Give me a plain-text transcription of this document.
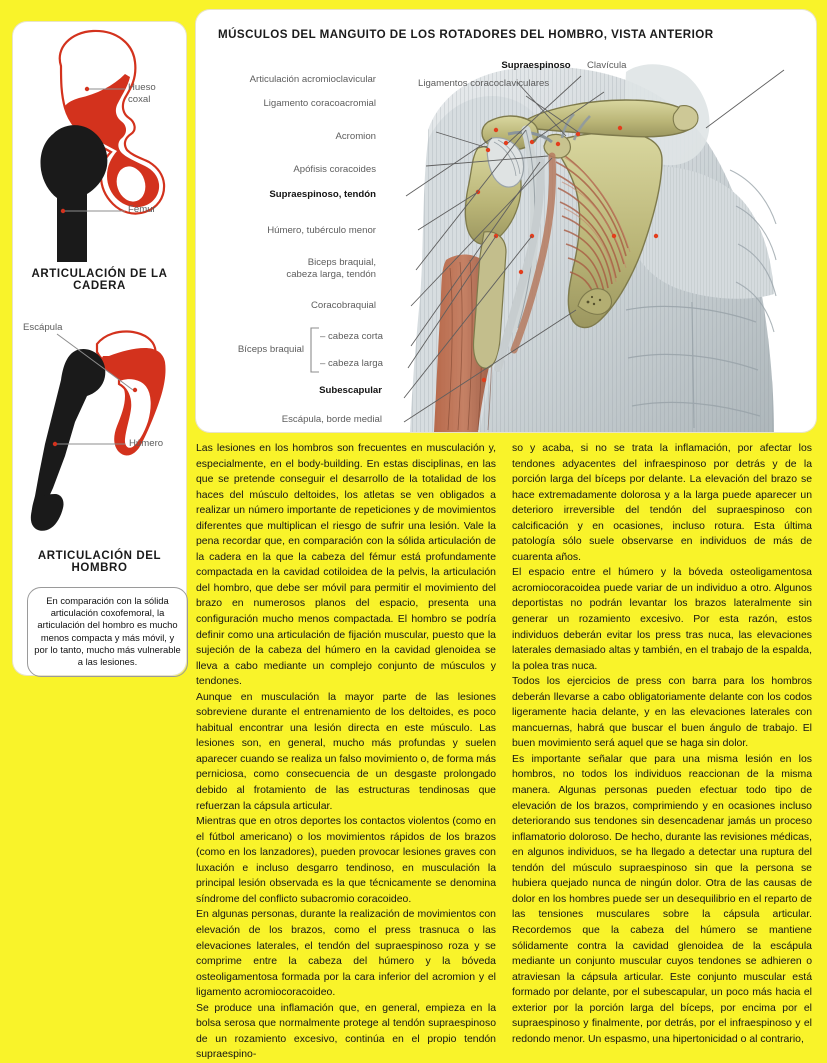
Hueso
coxal
Fémur
ARTICULACIÓN DE LA CADERA
Escápula
Húmero
ARTICULACIÓN DEL HOMBRO
En comparación con la sólida articulación coxofemoral, la articulación del hombro es mucho menos compacta y más móvil, y por lo tanto, mucho más vulnerable a las lesiones.
MÚSCULOS DEL MANGUITO DE LOS ROTADORES DEL HOMBRO, VISTA ANTERIOR
Supraespinoso Clavícula
Articulación acromioclavicular	Ligamentos coracoclaviculares
Ligamento coracoacromial
Acromion
Apófisis coracoides
Supraespinoso, tendón
Húmero, tubérculo menor
Biceps braquial,
cabeza larga, tendón
Coracobraquial
Bíceps braquial
– cabeza corta
– cabeza larga
Subescapular
Escápula, borde medial

Las lesiones en los hombros son frecuentes en musculación y, especialmente, en el body-building. En estas disciplinas, en las que se pretende conseguir el desarrollo de la totalidad de los haces del músculo deltoides, los atletas se ven obligados a realizar un número importante de repeticiones y de movimientos diferentes que multiplican el riesgo de sufrir una lesión. Vale la pena recordar que, en comparación con la sólida articulación de la cadera en la que la cabeza del fémur está profundamente compactada en la cavidad cotiloidea de la pelvis, la articulación del hombro, que debe ser móvil para permitir el movimiento del brazo en numerosos planos del espacio, presenta una configuración mucho menos compactada. El hombro se podría definir como una articulación de fijación muscular, puesto que la sujeción de la cabeza del húmero en la cavidad glenoidea se lleva a cabo mediante un complejo conjunto de músculos y tendones.

Aunque en musculación la mayor parte de las lesiones sobreviene durante el entrenamiento de los deltoides, es poco habitual encontrar una lesión directa en este músculo. Las lesiones son, en general, mucho más profundas y suelen aparecer cuando se realiza un falso movimiento o, de forma más perniciosa, como consecuencia de un desgaste prolongado debido al frotamiento de las estructuras tendinosas que refuerzan la cápsula articular.

Mientras que en otros deportes los contactos violentos (como en el fútbol americano) o los movimientos rápidos de los brazos (como en los lanzadores), pueden provocar lesiones graves con luxación e incluso desgarro tendinoso, en musculación la principal lesión observada es la que técnicamente se denomina síndrome del conflicto subacromio coracoideo.

En algunas personas, durante la realización de movimientos con elevación de los brazos, como el press trasnuca o las elevaciones laterales, el tendón del supraespinoso roza y se comprime entre la cabeza del húmero y la bóveda osteoligamentosa formada por la cara inferior del acromion y el ligamento acromiocoracoideo.

Se produce una inflamación que, en general, empieza en la bolsa serosa que normalmente protege al tendón supraespinoso de un rozamiento excesivo, continúa en el propio tendón supraespino-

so y acaba, si no se trata la inflamación, por afectar los tendones adyacentes del infraespinoso por detrás y de la porción larga del bíceps por delante. La elevación del brazo se hace extremadamente dolorosa y a la larga puede aparecer un deterioro irreversible del tendón del supraespinoso con calcificación y en ocasiones, incluso rotura. Esta última patología sólo suele observarse en individuos de más de cuarenta años.

El espacio entre el húmero y la bóveda osteoligamentosa acromiocoracoidea puede variar de un individuo a otro. Algunos deportistas no podrán levantar los brazos lateralmente sin generar un rozamiento excesivo. Por esta razón, estos individuos deberán evitar los press tras nuca, las elevaciones laterales demasiado altas y también, en el trabajo de la espalda, la polea tras nuca.

Todos los ejercicios de press con barra para los hombros deberán llevarse a cabo obligatoriamente delante con los codos ligeramente hacia delante, y en las elevaciones laterales con mancuernas, habrá que buscar el buen ángulo de trabajo. El buen movimiento será aquel que se haga sin dolor.

Es importante señalar que para una misma lesión en los hombros, no todos los individuos reaccionan de la misma manera. Algunas personas pueden efectuar todo tipo de elevación de los brazos, comprimiendo y en ocasiones incluso deteriorando sus tendones sin desencadenar jamás un proceso inflamatorio doloroso. De hecho, durante las revisiones médicas, en algunos individuos, se ha llegado a detectar una ruptura del tendón del músculo supraespinoso sin que la persona se hubiera quejado nunca de ningún dolor. Otra de las causas de dolor en los hombres puede ser un desequilibrio en el reparto de las tensiones musculares sobre la cápsula articular. Recordemos que la cabeza del húmero se mantiene sólidamente contra la cavidad glenoidea de la escápula mediante un conjunto muscular cuyos tendones se adhieren o atraviesan la cápsula articular. Este conjunto muscular está formado por delante, por el subescapular, un poco más hacia el exterior por la porción larga del bíceps, por encima por el supraespinoso y finalmente, por detrás, por el infraespinoso y el redondo menor. Un espasmo, una hipertonicidad o al contrario,
